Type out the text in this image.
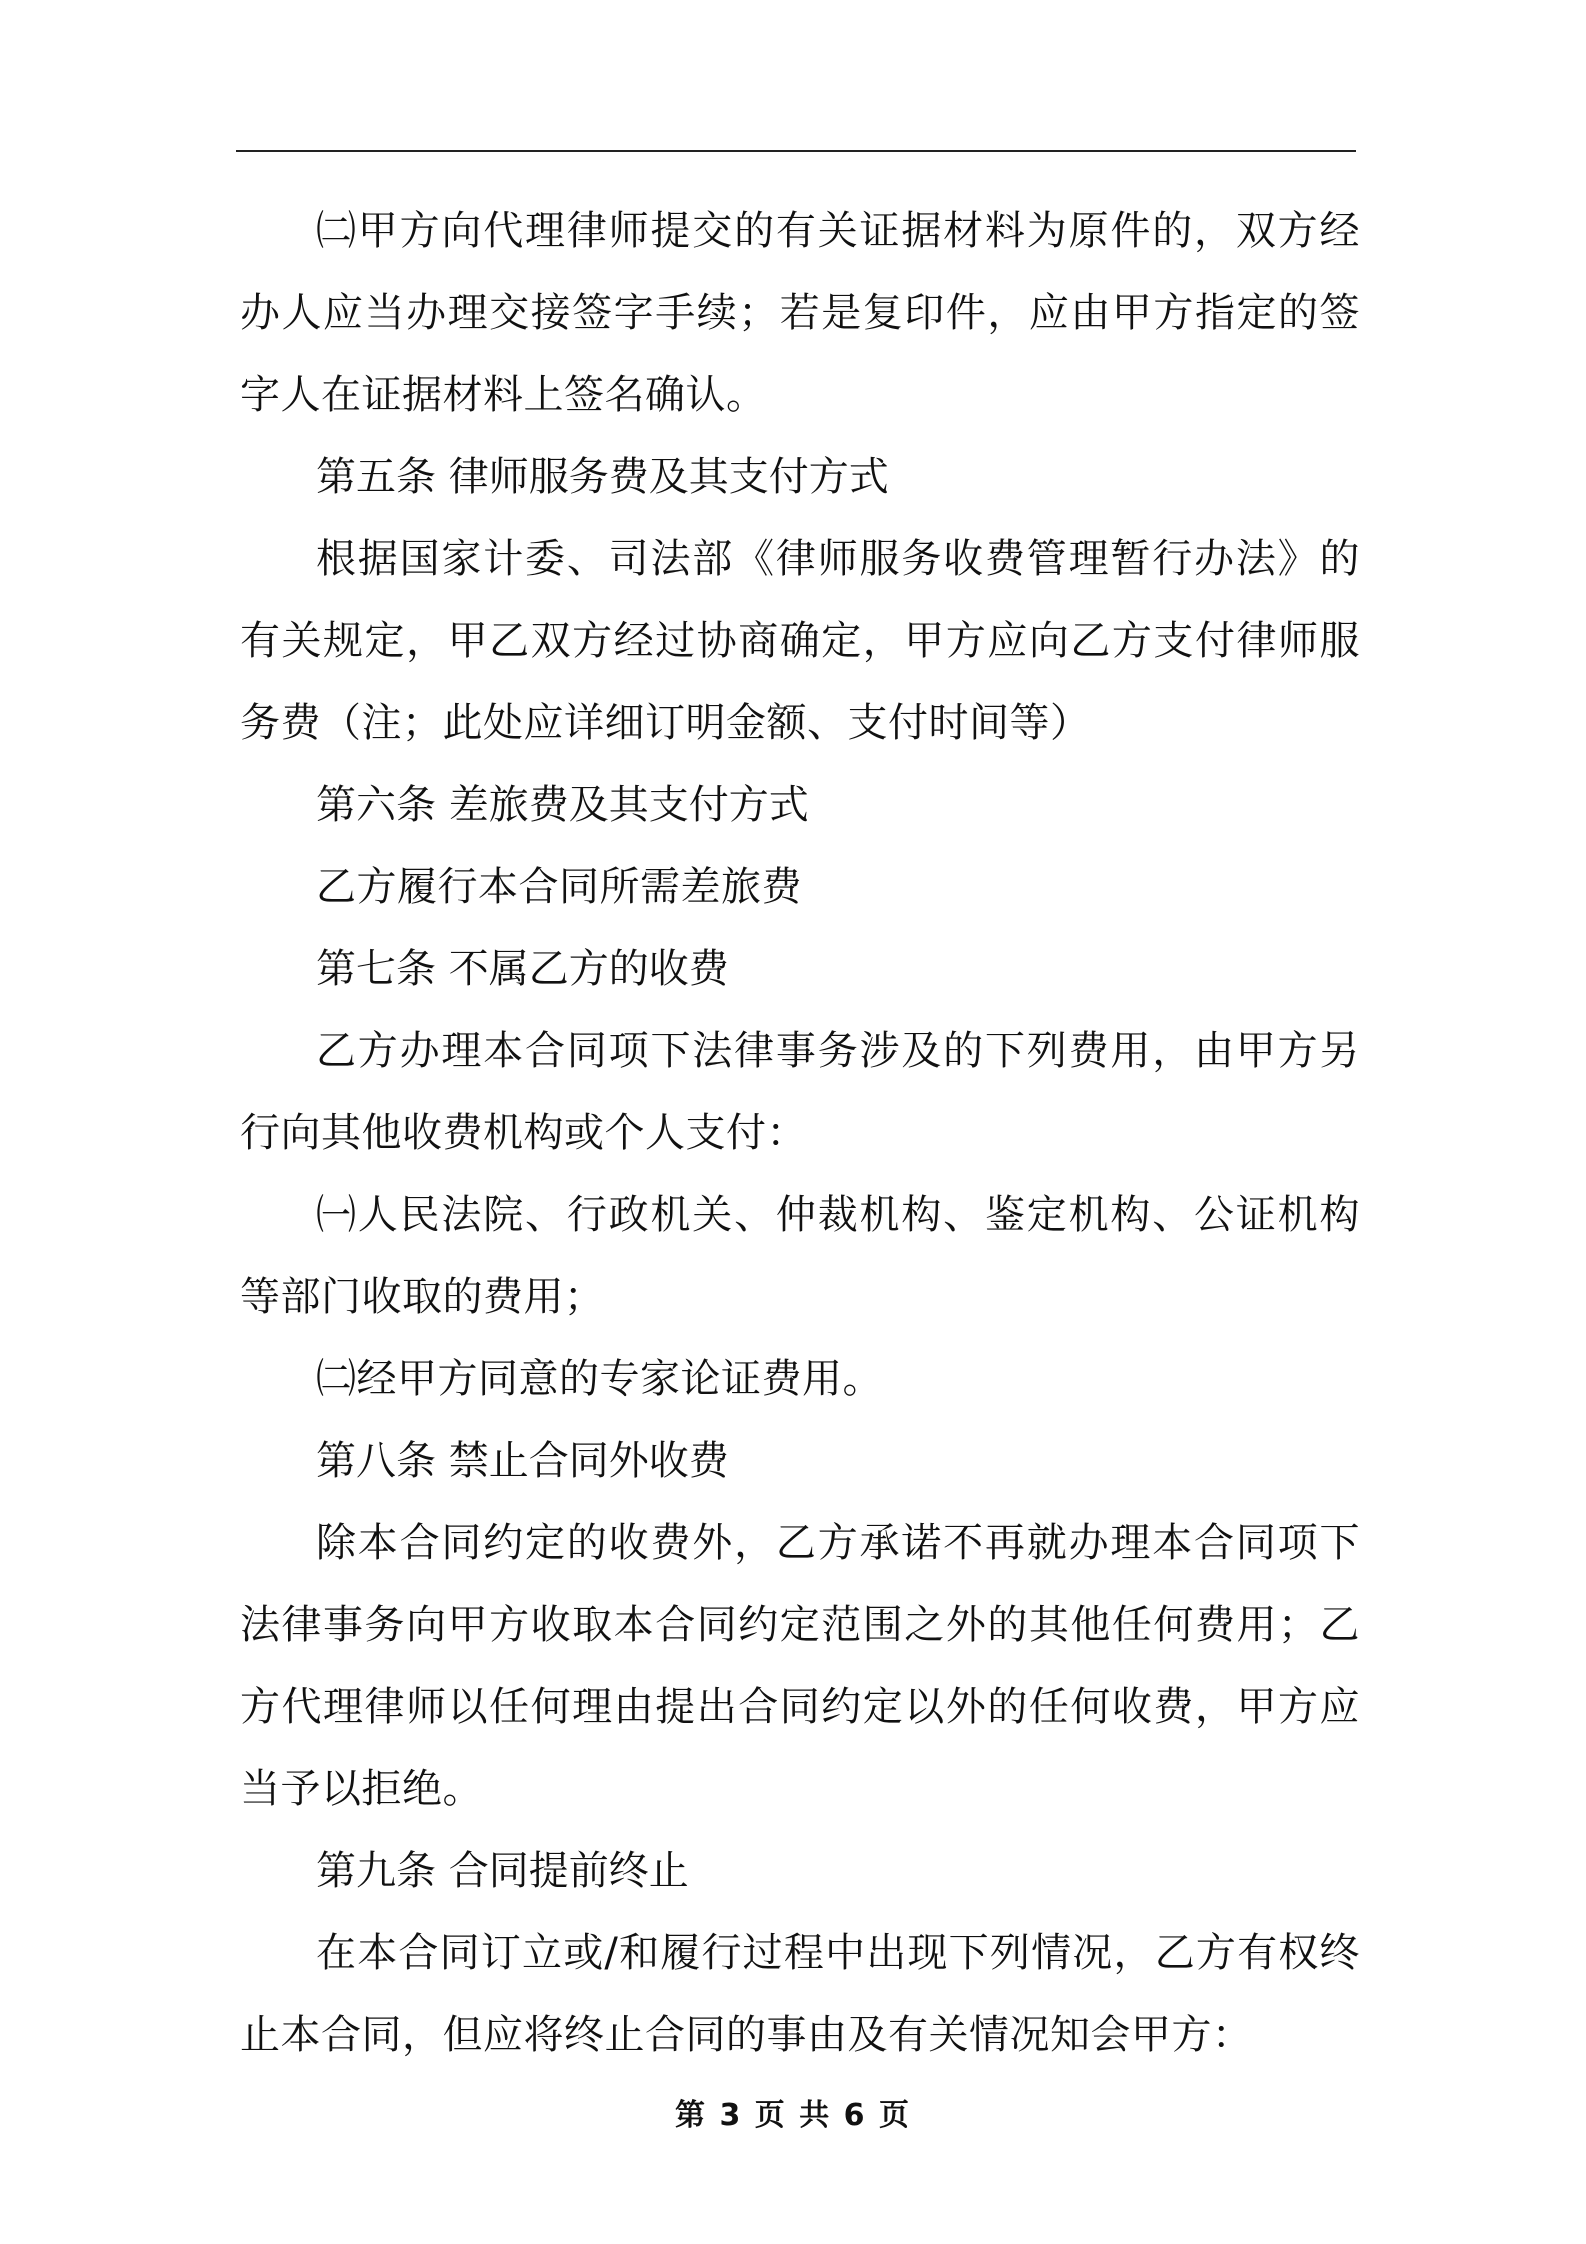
㈡甲方向代理律师提交的有关证据材料为原件的，双方经办人应当办理交接签字手续；若是复印件，应由甲方指定的签字人在证据材料上签名确认。

第五条 律师服务费及其支付方式

根据国家计委、司法部《律师服务收费管理暂行办法》的有关规定，甲乙双方经过协商确定，甲方应向乙方支付律师服务费（注；此处应详细订明金额、支付时间等）

第六条 差旅费及其支付方式

乙方履行本合同所需差旅费

第七条 不属乙方的收费

乙方办理本合同项下法律事务涉及的下列费用，由甲方另行向其他收费机构或个人支付：

㈠人民法院、行政机关、仲裁机构、鉴定机构、公证机构等部门收取的费用；

㈡经甲方同意的专家论证费用。

第八条 禁止合同外收费

除本合同约定的收费外，乙方承诺不再就办理本合同项下法律事务向甲方收取本合同约定范围之外的其他任何费用；乙方代理律师以任何理由提出合同约定以外的任何收费，甲方应当予以拒绝。

第九条 合同提前终止

在本合同订立或/和履行过程中出现下列情况，乙方有权终止本合同，但应将终止合同的事由及有关情况知会甲方：

第 3 页 共 6 页
